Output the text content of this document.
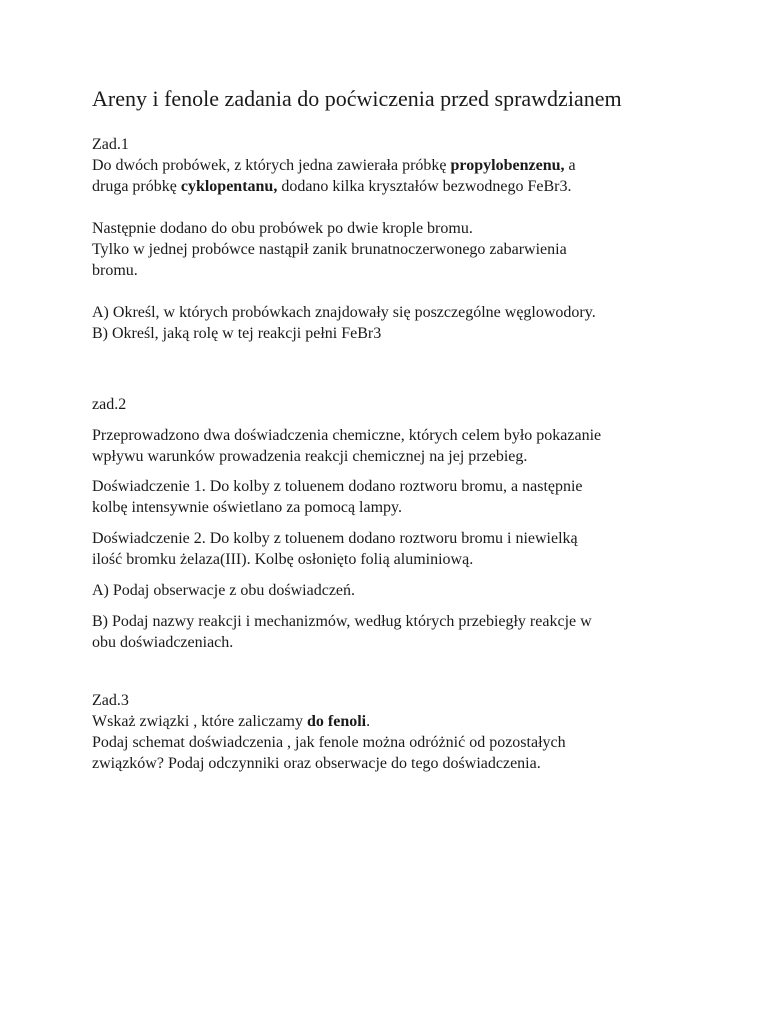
Areny i fenole zadania do poćwiczenia przed sprawdzianem
Zad.1
Do dwóch probówek, z których jedna zawierała próbkę propylobenzenu, a
druga próbkę cyklopentanu, dodano kilka kryształów bezwodnego FeBr3.
Następnie dodano do obu probówek po dwie krople bromu.
Tylko w jednej probówce nastąpił zanik brunatnoczerwonego zabarwienia
bromu.
A) Określ, w których probówkach znajdowały się poszczególne węglowodory.
B) Określ, jaką rolę w tej reakcji pełni FeBr3
zad.2
Przeprowadzono dwa doświadczenia chemiczne, których celem było pokazanie
wpływu warunków prowadzenia reakcji chemicznej na jej przebieg.
Doświadczenie 1. Do kolby z toluenem dodano roztworu bromu, a następnie
kolbę intensywnie oświetlano za pomocą lampy.
Doświadczenie 2. Do kolby z toluenem dodano roztworu bromu i niewielką
ilość bromku żelaza(III). Kolbę osłonięto folią aluminiową.
A) Podaj obserwacje z obu doświadczeń.
B) Podaj nazwy reakcji i mechanizmów, według których przebiegły reakcje w
obu doświadczeniach.
Zad.3
Wskaż związki , które zaliczamy do fenoli.
Podaj schemat doświadczenia , jak fenole można odróżnić od pozostałych
związków? Podaj odczynniki oraz obserwacje do tego doświadczenia.
